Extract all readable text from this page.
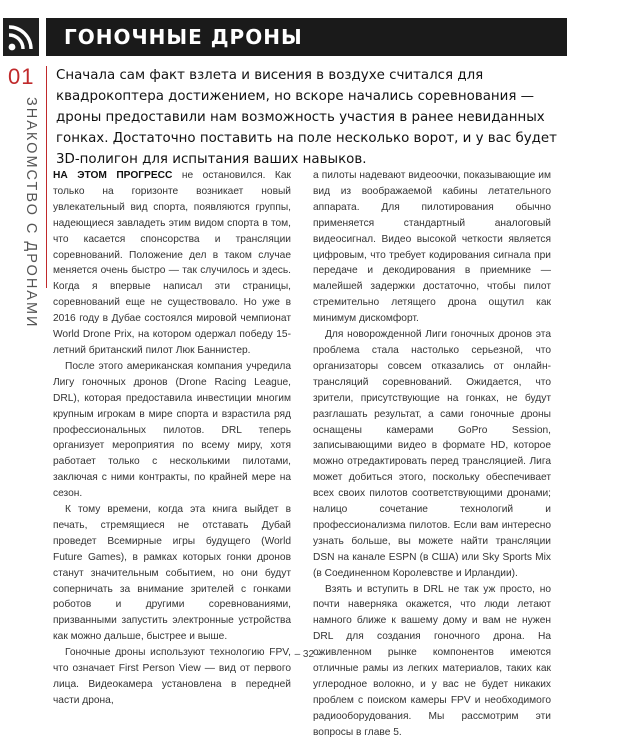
ГОНОЧНЫЕ ДРОНЫ
01
ЗНАКОМСТВО С ДРОНАМИ

Сначала сам факт взлета и висения в воздухе считался для квадрокоптера достижением, но вскоре начались соревнования — дроны предоставили нам возможность участия в ранее невиданных гонках. Достаточно поставить на поле несколько ворот, и у вас будет 3D-полигон для испытания ваших навыков.

НА ЭТОМ ПРОГРЕСС не остановился. Как только на горизонте возникает новый увлекательный вид спорта, появляются группы, надеющиеся завладеть этим видом спорта в том, что касается спонсорства и трансляции соревнований. Положение дел в таком случае меняется очень быстро — так случилось и здесь. Когда я впервые написал эти страницы, соревнований еще не существовало. Но уже в 2016 году в Дубае состоялся мировой чемпионат World Drone Prix, на котором одержал победу 15-летний британский пилот Люк Баннистер.

После этого американская компания учредила Лигу гоночных дронов (Drone Racing League, DRL), которая предоставила инвестиции многим крупным игрокам в мире спорта и взрастила ряд профессиональных пилотов. DRL теперь организует мероприятия по всему миру, хотя работает только с несколькими пилотами, заключая с ними контракты, по крайней мере на сезон.

К тому времени, когда эта книга выйдет в печать, стремящиеся не отставать Дубай проведет Всемирные игры будущего (World Future Games), в рамках которых гонки дронов станут значительным событием, но они будут соперничать за внимание зрителей с гонками роботов и другими соревнованиями, призванными запустить электронные устройства как можно дальше, быстрее и выше.

Гоночные дроны используют технологию FPV, что означает First Person View — вид от первого лица. Видеокамера установлена в передней части дрона,

а пилоты надевают видеоочки, показывающие им вид из воображаемой кабины летательного аппарата. Для пилотирования обычно применяется стандартный аналоговый видеосигнал. Видео высокой четкости является цифровым, что требует кодирования сигнала при передаче и декодирования в приемнике — малейшей задержки достаточно, чтобы пилот стремительно летящего дрона ощутил как минимум дискомфорт.

Для новорожденной Лиги гоночных дронов эта проблема стала настолько серьезной, что организаторы совсем отказались от онлайн-трансляций соревнований. Ожидается, что зрители, присутствующие на гонках, не будут разглашать результат, а сами гоночные дроны оснащены камерами GoPro Session, записывающими видео в формате HD, которое можно отредактировать перед трансляцией. Лига может добиться этого, поскольку обеспечивает всех своих пилотов соответствующими дронами; налицо сочетание технологий и профессионализма пилотов. Если вам интересно узнать больше, вы можете найти трансляции DSN на канале ESPN (в США) или Sky Sports Mix (в Соединенном Королевстве и Ирландии).

Взять и вступить в DRL не так уж просто, но почти наверняка окажется, что люди летают намного ближе к вашему дому и вам не нужен DRL для создания гоночного дрона. На оживленном рынке компонентов имеются отличные рамы из легких материалов, таких как углеродное волокно, и у вас не будет никаких проблем с поиском камеры FPV и необходимого радиооборудования. Мы рассмотрим эти вопросы в главе 5.

– 32 –
